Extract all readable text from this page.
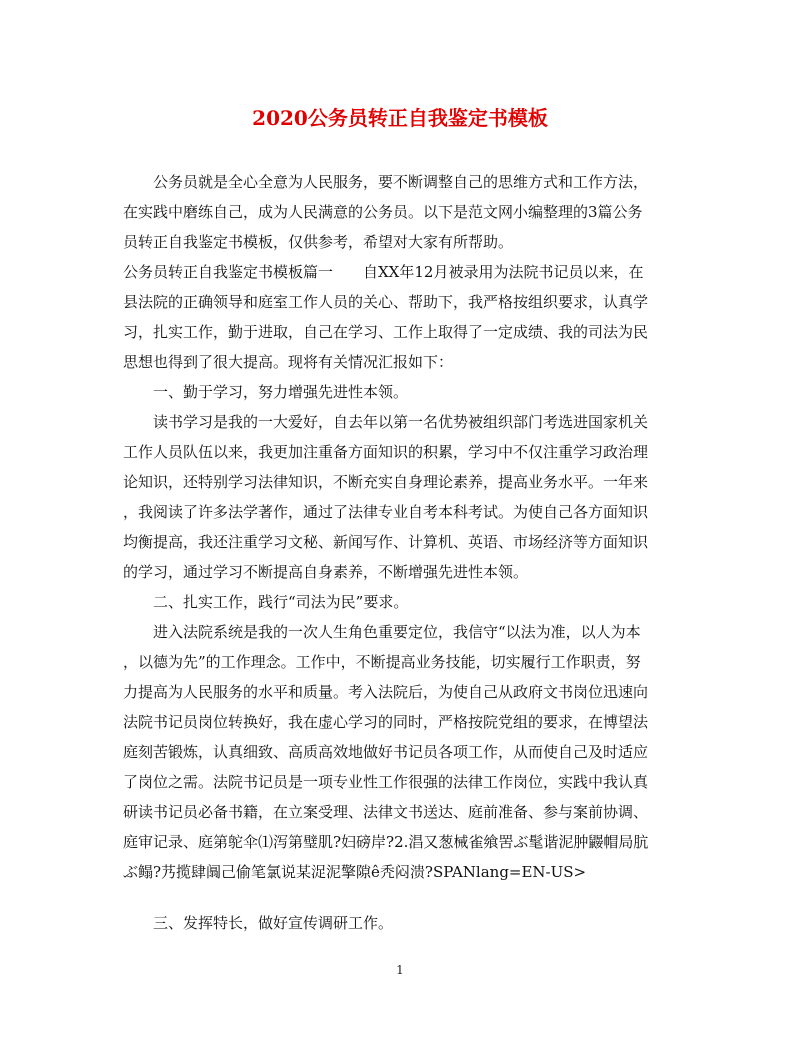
2020公务员转正自我鉴定书模板
　　公务员就是全心全意为人民服务，要不断调整自己的思维方式和工作方法，
在实践中磨练自己，成为人民满意的公务员。以下是范文网小编整理的3篇公务
员转正自我鉴定书模板，仅供参考，希望对大家有所帮助。
公务员转正自我鉴定书模板篇一　　自XX年12月被录用为法院书记员以来，在
县法院的正确领导和庭室工作人员的关心、帮助下，我严格按组织要求，认真学
习，扎实工作，勤于进取，自己在学习、工作上取得了一定成绩、我的司法为民
思想也得到了很大提高。现将有关情况汇报如下：
　　一、勤于学习，努力增强先进性本领。
　　读书学习是我的一大爱好，自去年以第一名优势被组织部门考选进国家机关
工作人员队伍以来，我更加注重备方面知识的积累，学习中不仅注重学习政治理
论知识，还特别学习法律知识，不断充实自身理论素养，提高业务水平。一年来
，我阅读了许多法学著作，通过了法律专业自考本科考试。为使自己各方面知识
均衡提高，我还注重学习文秘、新闻写作、计算机、英语、市场经济等方面知识
的学习，通过学习不断提高自身素养，不断增强先进性本领。
　　二、扎实工作，践行“司法为民”要求。
　　进入法院系统是我的一次人生角色重要定位，我信守“以法为准，以人为本
，以德为先”的工作理念。工作中，不断提高业务技能，切实履行工作职责，努
力提高为人民服务的水平和质量。考入法院后，为使自己从政府文书岗位迅速向
法院书记员岗位转换好，我在虚心学习的同时，严格按院党组的要求，在博望法
庭刻苦锻炼，认真细致、高质高效地做好书记员各项工作，从而使自己及时适应
了岗位之需。法院书记员是一项专业性工作很强的法律工作岗位，实践中我认真
研读书记员必备书籍，在立案受理、法律文书送达、庭前准备、参与案前协调、
庭审记录、庭第鸵伞⑴泻第璧肌?妇磅岸?2.淐又葱械雀飨罟ぶ髦谐泥肿鼹帽局肮
ぶ鳎?艿揽肆阘己偷笔氯说某浞泥擎隙ê秃闷溃?SPANlang=EN-US>
　　三、发挥特长，做好宣传调研工作。
1
